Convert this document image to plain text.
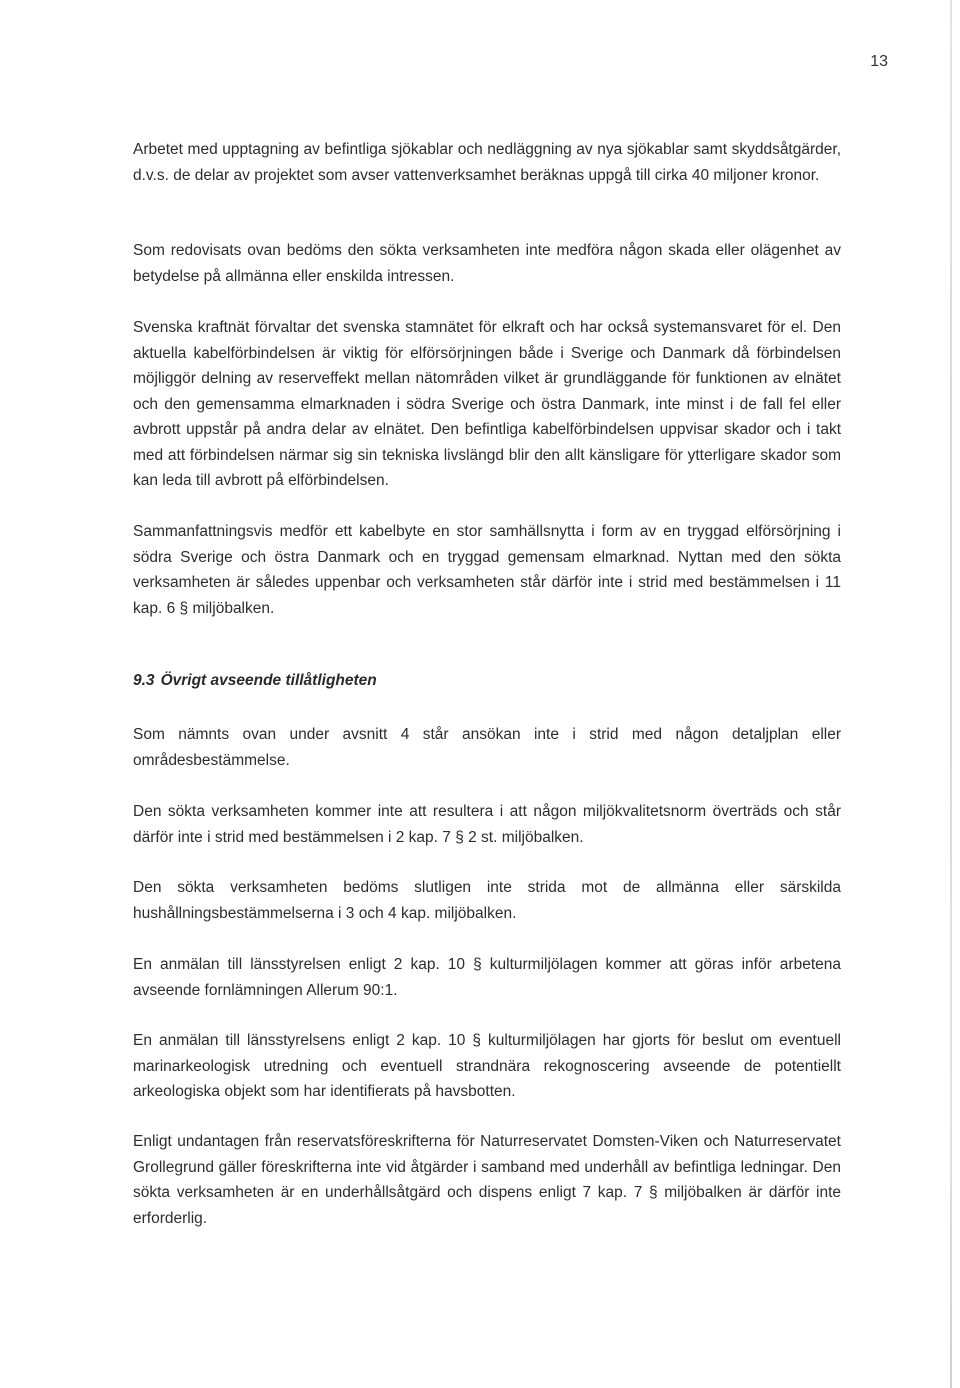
13

Arbetet med upptagning av befintliga sjökablar och nedläggning av nya sjökablar samt skyddsåtgärder, d.v.s. de delar av projektet som avser vattenverksamhet beräknas uppgå till cirka 40 miljoner kronor.

Som redovisats ovan bedöms den sökta verksamheten inte medföra någon skada eller olägenhet av betydelse på allmänna eller enskilda intressen.

Svenska kraftnät förvaltar det svenska stamnätet för elkraft och har också systemansvaret för el. Den aktuella kabelförbindelsen är viktig för elförsörjningen både i Sverige och Danmark då förbindelsen möjliggör delning av reserveffekt mellan nätområden vilket är grundläggande för funktionen av elnätet och den gemensamma elmarknaden i södra Sverige och östra Danmark, inte minst i de fall fel eller avbrott uppstår på andra delar av elnätet. Den befintliga kabelförbindelsen uppvisar skador och i takt med att förbindelsen närmar sig sin tekniska livslängd blir den allt känsligare för ytterligare skador som kan leda till avbrott på elförbindelsen.

Sammanfattningsvis medför ett kabelbyte en stor samhällsnytta i form av en tryggad elförsörjning i södra Sverige och östra Danmark och en tryggad gemensam elmarknad. Nyttan med den sökta verksamheten är således uppenbar och verksamheten står därför inte i strid med bestämmelsen i 11 kap. 6 § miljöbalken.

9.3 Övrigt avseende tillåtligheten

Som nämnts ovan under avsnitt 4 står ansökan inte i strid med någon detaljplan eller områdesbestämmelse.

Den sökta verksamheten kommer inte att resultera i att någon miljökvalitetsnorm överträds och står därför inte i strid med bestämmelsen i 2 kap. 7 § 2 st. miljöbalken.

Den sökta verksamheten bedöms slutligen inte strida mot de allmänna eller särskilda hushållningsbestämmelserna i 3 och 4 kap. miljöbalken.

En anmälan till länsstyrelsen enligt 2 kap. 10 § kulturmiljölagen kommer att göras inför arbetena avseende fornlämningen Allerum 90:1.

En anmälan till länsstyrelsens enligt 2 kap. 10 § kulturmiljölagen har gjorts för beslut om eventuell marinarkeologisk utredning och eventuell strandnära rekognoscering avseende de potentiellt arkeologiska objekt som har identifierats på havsbotten.

Enligt undantagen från reservatsföreskrifterna för Naturreservatet Domsten-Viken och Naturreservatet Grollegrund gäller föreskrifterna inte vid åtgärder i samband med underhåll av befintliga ledningar. Den sökta verksamheten är en underhållsåtgärd och dispens enligt 7 kap. 7 § miljöbalken är därför inte erforderlig.
